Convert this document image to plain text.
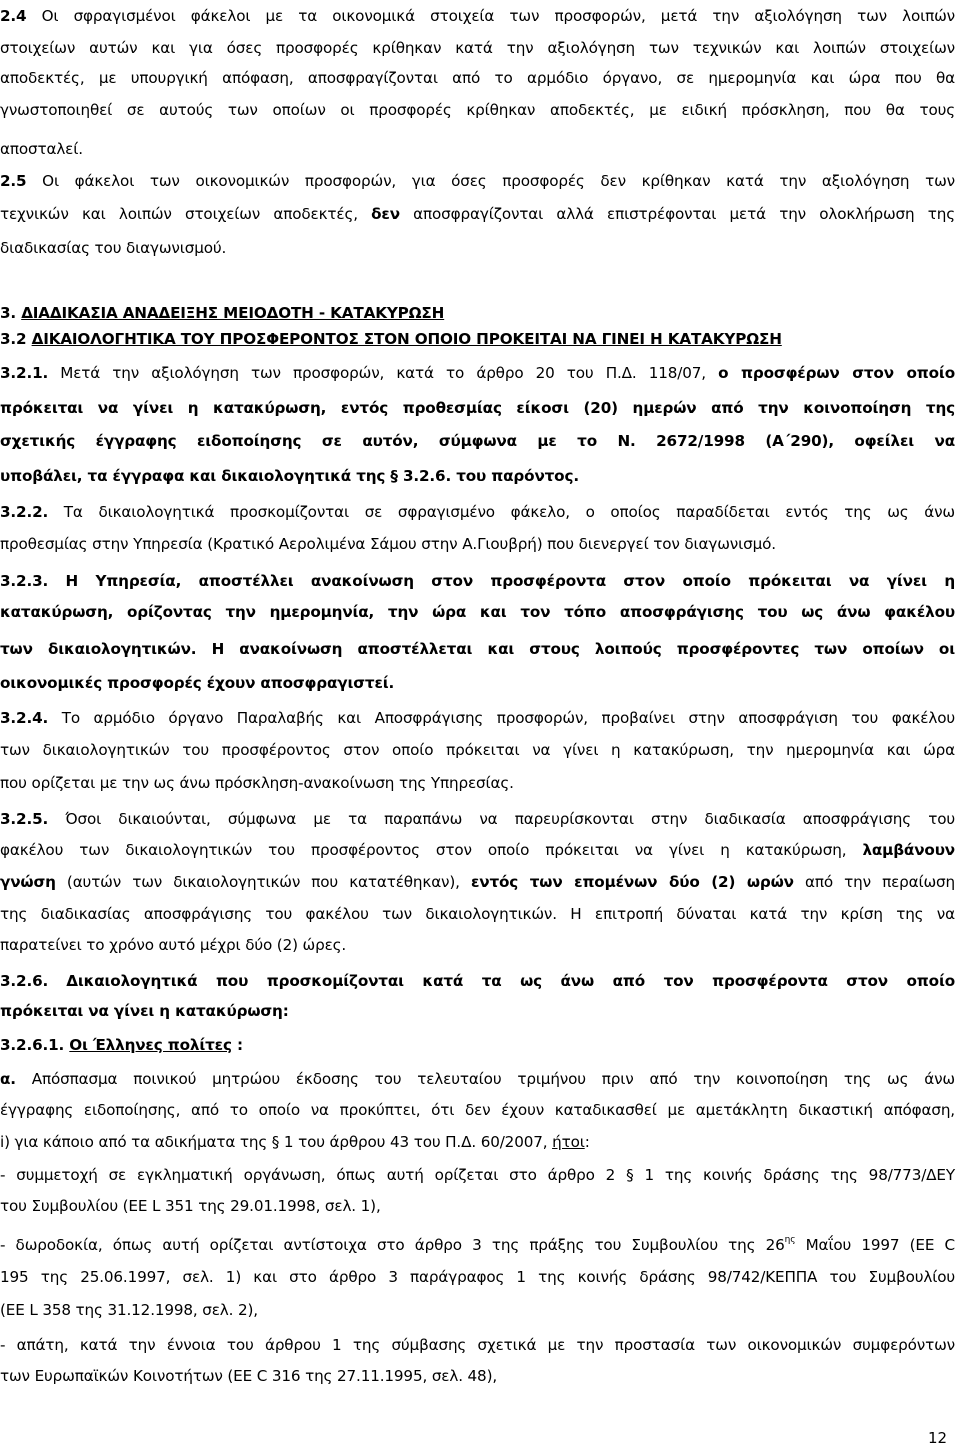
2.4 Οι σφραγισμένοι φάκελοι με τα οικονομικά στοιχεία των προσφορών, μετά την αξιολόγηση των λοιπών
στοιχείων αυτών και για όσες προσφορές κρίθηκαν κατά την αξιολόγηση των τεχνικών και λοιπών στοιχείων
αποδεκτές, με υπουργική απόφαση, αποσφραγίζονται από το αρμόδιο όργανο, σε ημερομηνία και ώρα που θα
γνωστοποιηθεί σε αυτούς των οποίων οι προσφορές κρίθηκαν αποδεκτές, με ειδική πρόσκληση, που θα τους
αποσταλεί.
2.5 Οι φάκελοι των οικονομικών προσφορών, για όσες προσφορές δεν κρίθηκαν κατά την αξιολόγηση των
τεχνικών και λοιπών στοιχείων αποδεκτές, δεν αποσφραγίζονται αλλά επιστρέφονται μετά την ολοκλήρωση της
διαδικασίας του διαγωνισμού.
3. ΔΙΑΔΙΚΑΣΙΑ ΑΝΑΔΕΙΞΗΣ ΜΕΙΟΔΟΤΗ - ΚΑΤΑΚΥΡΩΣΗ
3.2 ΔΙΚΑΙΟΛΟΓΗΤΙΚΑ ΤΟΥ ΠΡΟΣΦΕΡΟΝΤΟΣ ΣΤΟΝ ΟΠΟΙΟ ΠΡΟΚΕΙΤΑΙ ΝΑ ΓΙΝΕΙ Η ΚΑΤΑΚΥΡΩΣΗ
3.2.1. Μετά την αξιολόγηση των προσφορών, κατά το άρθρο 20 του Π.Δ. 118/07, ο προσφέρων στον οποίο
πρόκειται να γίνει η κατακύρωση, εντός προθεσμίας είκοσι (20) ημερών από την κοινοποίηση της
σχετικής έγγραφης ειδοποίησης σε αυτόν, σύμφωνα με το Ν. 2672/1998 (Α΄290), οφείλει να
υποβάλει, τα έγγραφα και δικαιολογητικά της § 3.2.6. του παρόντος.
3.2.2. Τα δικαιολογητικά προσκομίζονται σε σφραγισμένο φάκελο, ο οποίος παραδίδεται εντός της ως άνω
προθεσμίας στην Υπηρεσία (Κρατικό Αερολιμένα Σάμου στην Α.Γιουβρή) που διενεργεί τον διαγωνισμό.
3.2.3. Η Υπηρεσία, αποστέλλει ανακοίνωση στον προσφέροντα στον οποίο πρόκειται να γίνει η
κατακύρωση, ορίζοντας την ημερομηνία, την ώρα και τον τόπο αποσφράγισης του ως άνω φακέλου
των δικαιολογητικών. Η ανακοίνωση αποστέλλεται και στους λοιπούς προσφέροντες των οποίων οι
οικονομικές προσφορές έχουν αποσφραγιστεί.
3.2.4. Το αρμόδιο όργανο Παραλαβής και Αποσφράγισης προσφορών, προβαίνει στην αποσφράγιση του φακέλου
των δικαιολογητικών του προσφέροντος στον οποίο πρόκειται να γίνει η κατακύρωση, την ημερομηνία και ώρα
που ορίζεται με την ως άνω πρόσκληση-ανακοίνωση της Υπηρεσίας.
3.2.5. Όσοι δικαιούνται, σύμφωνα με τα παραπάνω να παρευρίσκονται στην διαδικασία αποσφράγισης του
φακέλου των δικαιολογητικών του προσφέροντος στον οποίο πρόκειται να γίνει η κατακύρωση, λαμβάνουν
γνώση (αυτών των δικαιολογητικών που κατατέθηκαν), εντός των επομένων δύο (2) ωρών από την περαίωση
της διαδικασίας αποσφράγισης του φακέλου των δικαιολογητικών. Η επιτροπή δύναται κατά την κρίση της να
παρατείνει το χρόνο αυτό μέχρι δύο (2) ώρες.
3.2.6. Δικαιολογητικά που προσκομίζονται κατά τα ως άνω από τον προσφέροντα στον οποίο
πρόκειται να γίνει η κατακύρωση:
3.2.6.1. Οι Έλληνες πολίτες :
α. Απόσπασμα ποινικού μητρώου έκδοσης του τελευταίου τριμήνου πριν από την κοινοποίηση της ως άνω
έγγραφης ειδοποίησης, από το οποίο να προκύπτει, ότι δεν έχουν καταδικασθεί με αμετάκλητη δικαστική απόφαση,
i) για κάποιο από τα αδικήματα της § 1 του άρθρου 43 του Π.Δ. 60/2007, ήτοι:
- συμμετοχή σε εγκληματική οργάνωση, όπως αυτή ορίζεται στο άρθρο 2 § 1 της κοινής δράσης της 98/773/ΔΕΥ
του Συμβουλίου (ΕΕ L 351 της 29.01.1998, σελ. 1),
- δωροδοκία, όπως αυτή ορίζεται αντίστοιχα στο άρθρο 3 της πράξης του Συμβουλίου της $26^{\eta\varsigma}$ Μαΐου 1997 (ΕΕ C
195 της 25.06.1997, σελ. 1) και στο άρθρο 3 παράγραφος 1 της κοινής δράσης 98/742/ΚΕΠΠΑ του Συμβουλίου
(ΕΕ L 358 της 31.12.1998, σελ. 2),
- απάτη, κατά την έννοια του άρθρου 1 της σύμβασης σχετικά με την προστασία των οικονομικών συμφερόντων
των Ευρωπαϊκών Κοινοτήτων (ΕΕ C 316 της 27.11.1995, σελ. 48),
12
